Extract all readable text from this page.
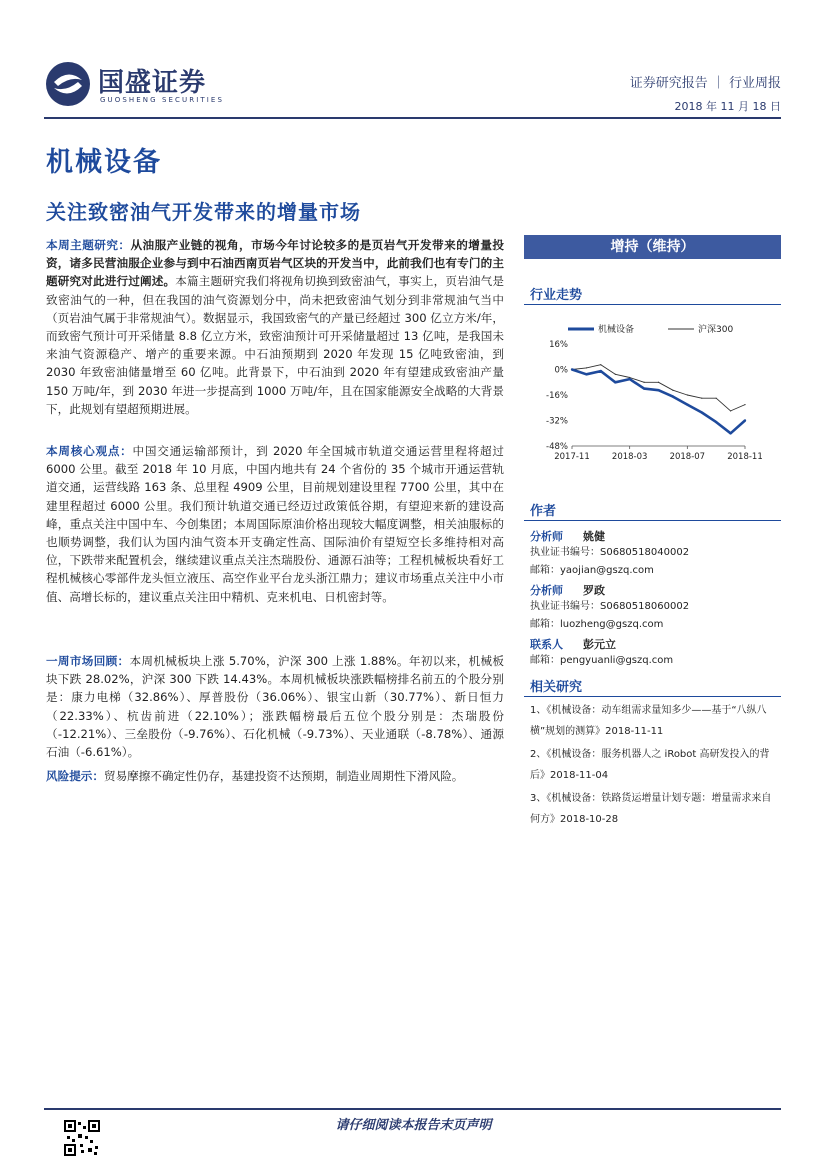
国盛证券
GUOSHENG SECURITIES
证券研究报告 ｜ 行业周报
2018 年 11 月 18 日
机械设备
关注致密油气开发带来的增量市场

本周主题研究：从油服产业链的视角，市场今年讨论较多的是页岩气开发带来的增量投资，诸多民营油服企业参与到中石油西南页岩气区块的开发当中，此前我们也有专门的主题研究对此进行过阐述。本篇主题研究我们将视角切换到致密油气，事实上，页岩油气是致密油气的一种，但在我国的油气资源划分中，尚未把致密油气划分到非常规油气当中（页岩油气属于非常规油气）。数据显示，我国致密气的产量已经超过 300 亿立方米/年，而致密气预计可开采储量 8.8 亿立方米，致密油预计可开采储量超过 13 亿吨，是我国未来油气资源稳产、增产的重要来源。中石油预期到 2020 年发现 15 亿吨致密油，到 2030 年致密油储量增至 60 亿吨。此背景下，中石油到 2020 年有望建成致密油产量 150 万吨/年，到 2030 年进一步提高到 1000 万吨/年，且在国家能源安全战略的大背景下，此规划有望超预期进展。

本周核心观点：中国交通运输部预计，到 2020 年全国城市轨道交通运营里程将超过 6000 公里。截至 2018 年 10 月底，中国内地共有 24 个省份的 35 个城市开通运营轨道交通，运营线路 163 条、总里程 4909 公里，目前规划建设里程 7700 公里，其中在建里程超过 6000 公里。我们预计轨道交通已经迈过政策低谷期，有望迎来新的建设高峰，重点关注中国中车、今创集团；本周国际原油价格出现较大幅度调整，相关油服标的也顺势调整，我们认为国内油气资本开支确定性高、国际油价有望短空长多维持相对高位，下跌带来配置机会，继续建议重点关注杰瑞股份、通源石油等；工程机械板块看好工程机械核心零部件龙头恒立液压、高空作业平台龙头浙江鼎力；建议市场重点关注中小市值、高增长标的，建议重点关注田中精机、克来机电、日机密封等。

一周市场回顾：本周机械板块上涨 5.70%，沪深 300 上涨 1.88%。年初以来，机械板块下跌 28.02%，沪深 300 下跌 14.43%。本周机械板块涨跌幅榜排名前五的个股分别是：康力电梯（32.86%）、厚普股份（36.06%）、银宝山新（30.77%）、新日恒力（22.33%）、杭齿前进（22.10%）；涨跌幅榜最后五位个股分别是：杰瑞股份（-12.21%）、三垒股份（-9.76%）、石化机械（-9.73%）、天业通联（-8.78%）、通源石油（-6.61%）。

风险提示：贸易摩擦不确定性仍存，基建投资不达预期，制造业周期性下滑风险。

增持（维持）
行业走势
机械设备	沪深300
16%
0%
-16%
-32%
-48%
2017-11	2018-03	2018-07	2018-11
作者
分析师 姚健
执业证书编号：S0680518040002
邮箱：yaojian@gszq.com
分析师 罗政
执业证书编号：S0680518060002
邮箱：luozheng@gszq.com
联系人 彭元立
邮箱：pengyuanli@gszq.com
相关研究
1、《机械设备：动车组需求量知多少——基于“八纵八横”规划的测算》2018-11-11
2、《机械设备：服务机器人之 iRobot 高研发投入的背后》2018-11-04
3、《机械设备：铁路货运增量计划专题：增量需求来自何方》2018-10-28
请仔细阅读本报告末页声明
